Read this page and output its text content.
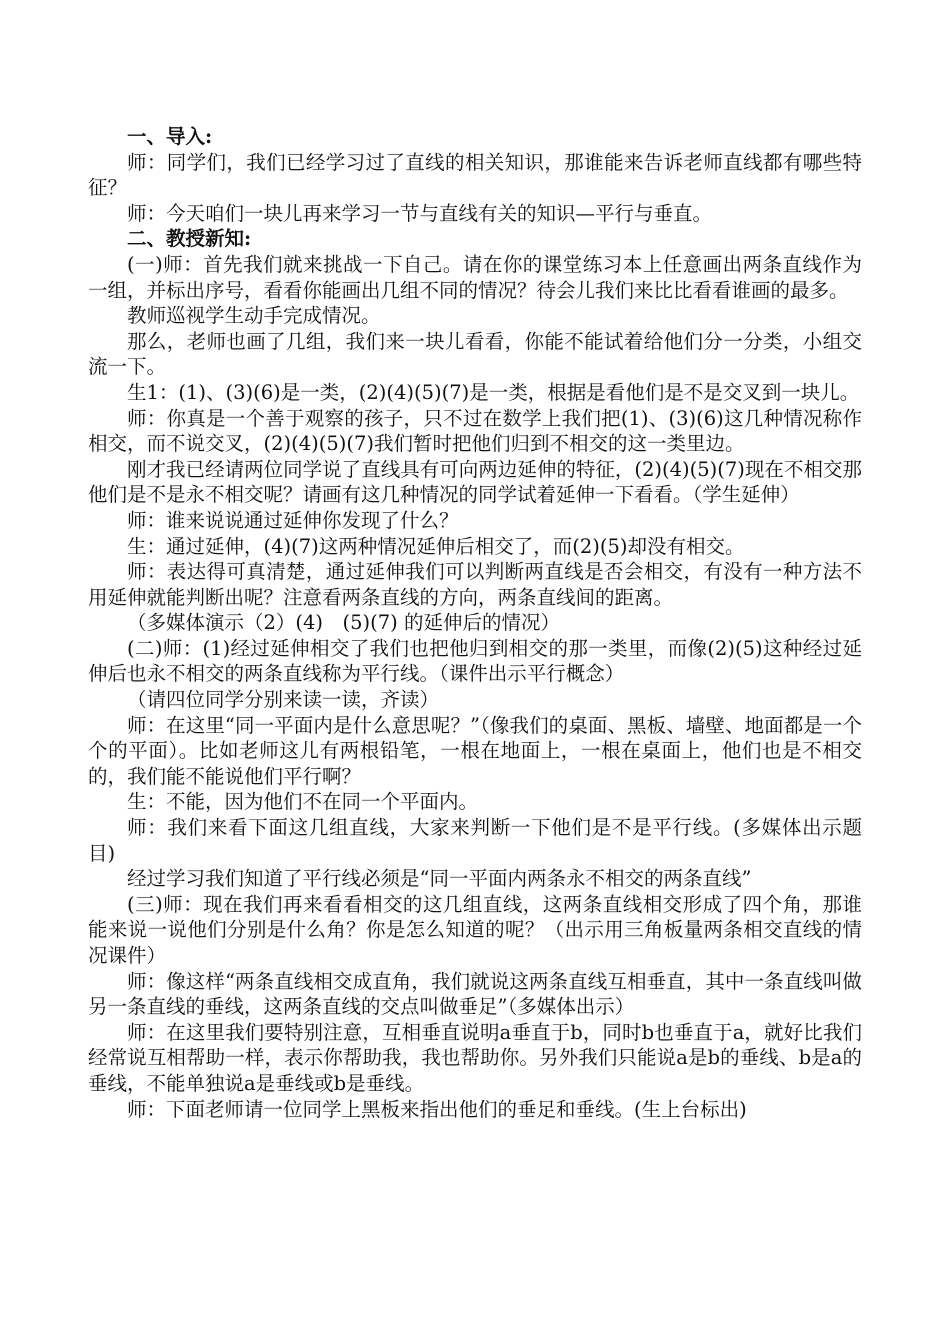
一、导入:

师：同学们，我们已经学习过了直线的相关知识，那谁能来告诉老师直线都有哪些特征？

师：今天咱们一块儿再来学习一节与直线有关的知识—平行与垂直。

二、教授新知:

(一)师：首先我们就来挑战一下自己。请在你的课堂练习本上任意画出两条直线作为一组，并标出序号，看看你能画出几组不同的情况？待会儿我们来比比看看谁画的最多。

教师巡视学生动手完成情况。

那么，老师也画了几组，我们来一块儿看看，你能不能试着给他们分一分类，小组交流一下。

生1：(1)、(3)(6)是一类，(2)(4)(5)(7)是一类，根据是看他们是不是交叉到一块儿。

师：你真是一个善于观察的孩子，只不过在数学上我们把(1)、(3)(6)这几种情况称作相交，而不说交叉，(2)(4)(5)(7)我们暂时把他们归到不相交的这一类里边。

刚才我已经请两位同学说了直线具有可向两边延伸的特征，(2)(4)(5)(7)现在不相交那他们是不是永不相交呢？请画有这几种情况的同学试着延伸一下看看。（学生延伸）

师：谁来说说通过延伸你发现了什么？

生：通过延伸，(4)(7)这两种情况延伸后相交了，而(2)(5)却没有相交。

师：表达得可真清楚，通过延伸我们可以判断两直线是否会相交，有没有一种方法不用延伸就能判断出呢？注意看两条直线的方向，两条直线间的距离。

（多媒体演示（2）(4)　(5)(7) 的延伸后的情况）

(二)师：(1)经过延伸相交了我们也把他归到相交的那一类里，而像(2)(5)这种经过延伸后也永不相交的两条直线称为平行线。（课件出示平行概念）

（请四位同学分别来读一读，齐读）

师：在这里“同一平面内是什么意思呢？”（像我们的桌面、黑板、墙壁、地面都是一个个的平面）。比如老师这儿有两根铅笔，一根在地面上，一根在桌面上，他们也是不相交的，我们能不能说他们平行啊？

生：不能，因为他们不在同一个平面内。

师：我们来看下面这几组直线，大家来判断一下他们是不是平行线。(多媒体出示题目)

经过学习我们知道了平行线必须是“同一平面内两条永不相交的两条直线”

(三)师：现在我们再来看看相交的这几组直线，这两条直线相交形成了四个角，那谁能来说一说他们分别是什么角？你是怎么知道的呢？（出示用三角板量两条相交直线的情况课件）

师：像这样“两条直线相交成直角，我们就说这两条直线互相垂直，其中一条直线叫做另一条直线的垂线，这两条直线的交点叫做垂足”（多媒体出示）

师：在这里我们要特别注意，互相垂直说明a垂直于b，同时b也垂直于a，就好比我们经常说互相帮助一样，表示你帮助我，我也帮助你。另外我们只能说a是b的垂线、b是a的垂线，不能单独说a是垂线或b是垂线。

师：下面老师请一位同学上黑板来指出他们的垂足和垂线。(生上台标出)
